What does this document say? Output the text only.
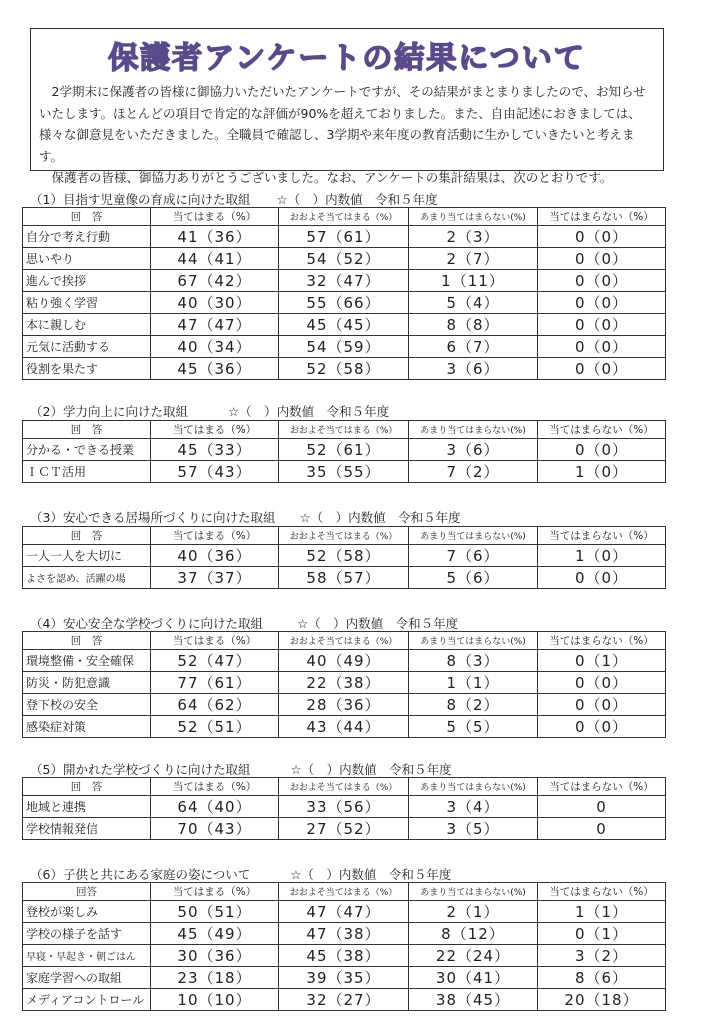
保護者アンケートの結果について

2学期末に保護者の皆様に御協力いただいたアンケートですが、その結果がまとまりましたので、お知らせいたします。ほとんどの項目で肯定的な評価が90%を超えておりました。また、自由記述におきましては、様々な御意見をいただきました。全職員で確認し、3学期や来年度の教育活動に生かしていきたいと考えます。

保護者の皆様、御協力ありがとうございました。なお、アンケートの集計結果は、次のとおりです。

（1）目指す児童像の育成に向けた取組 ☆（　）内数値　令和５年度
回　答	当てはまる（%）	おおよそ当てはまる（%）	あまり当てはまらない(%)	当てはまらない（%）
自分で考え行動	41（36）	57（61）	2（3）	0（0）
思いやり	44（41）	54（52）	2（7）	0（0）
進んで挨拶	67（42）	32（47）	1（11）	0（0）
粘り強く学習	40（30）	55（66）	5（4）	0（0）
本に親しむ	47（47）	45（45）	8（8）	0（0）
元気に活動する	40（34）	54（59）	6（7）	0（0）
役割を果たす	45（36）	52（58）	3（6）	0（0）
（2）学力向上に向けた取組	☆（　）内数値　令和５年度
回　答	当てはまる（%）	おおよそ当てはまる（%）	あまり当てはまらない(%)	当てはまらない（%）
分かる・できる授業	45（33）	52（61）	3（6）	0（0）
ＩＣＴ活用	57（43）	35（55）	7（2）	1（0）
（3）安心できる居場所づくりに向けた取組 ☆（　）内数値　令和５年度
回　答	当てはまる（%）	おおよそ当てはまる（%）	あまり当てはまらない(%)	当てはまらない（%）
一人一人を大切に	40（36）	52（58）	7（6）	1（0）
よさを認め、活躍の場	37（37）	58（57）	5（6）	0（0）
（4）安心安全な学校づくりに向けた取組	☆（　）内数値　令和５年度
回　答	当てはまる（%）	おおよそ当てはまる（%）	あまり当てはまらない(%)	当てはまらない（%）
環境整備・安全確保	52（47）	40（49）	8（3）	0（1）
防災・防犯意識	77（61）	22（38）	1（1）	0（0）
登下校の安全	64（62）	28（36）	8（2）	0（0）
感染症対策	52（51）	43（44）	5（5）	0（0）
（5）開かれた学校づくりに向けた取組	☆（　）内数値　令和５年度
回　答	当てはまる（%）	おおよそ当てはまる（%）	あまり当てはまらない(%)	当てはまらない（%）
地域と連携	64（40）	33（56）	3（4）	0
学校情報発信	70（43）	27（52）	3（5）	0
（6）子供と共にある家庭の姿について	☆（　）内数値　令和５年度
回答	当てはまる（%）	おおよそ当てはまる（%）	あまり当てはまらない(%)	当てはまらない（%）
登校が楽しみ	50（51）	47（47）	2（1）	1（1）
学校の様子を話す	45（49）	47（38）	8（12）	0（1）
早寝・早起き・朝ごはん	30（36）	45（38）	22（24）	3（2）
家庭学習への取組	23（18）	39（35）	30（41）	8（6）
メディアコントロール	10（10）	32（27）	38（45）	20（18）
